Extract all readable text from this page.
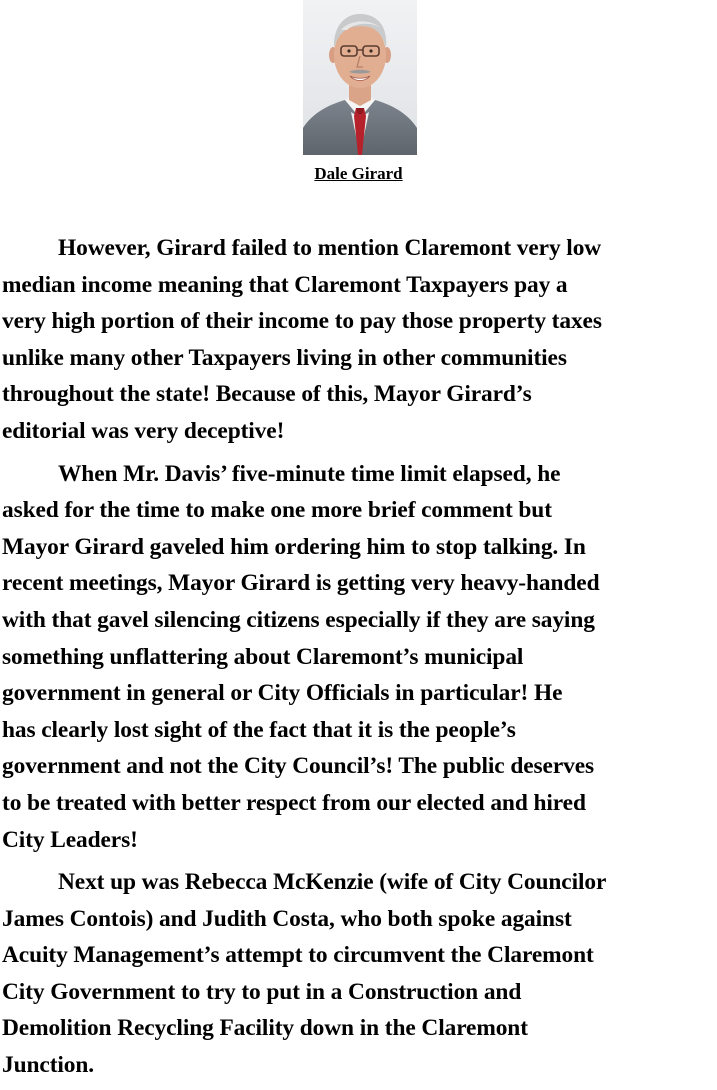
Dale Girard

However, Girard failed to mention Claremont very low
median income meaning that Claremont Taxpayers pay a
very high portion of their income to pay those property taxes
unlike many other Taxpayers living in other communities
throughout the state! Because of this, Mayor Girard’s
editorial was very deceptive!

When Mr. Davis’ five-minute time limit elapsed, he
asked for the time to make one more brief comment but
Mayor Girard gaveled him ordering him to stop talking. In
recent meetings, Mayor Girard is getting very heavy-handed
with that gavel silencing citizens especially if they are saying
something unflattering about Claremont’s municipal
government in general or City Officials in particular! He
has clearly lost sight of the fact that it is the people’s
government and not the City Council’s! The public deserves
to be treated with better respect from our elected and hired
City Leaders!

Next up was Rebecca McKenzie (wife of City Councilor
James Contois) and Judith Costa, who both spoke against
Acuity Management’s attempt to circumvent the Claremont
City Government to try to put in a Construction and
Demolition Recycling Facility down in the Claremont
Junction.
